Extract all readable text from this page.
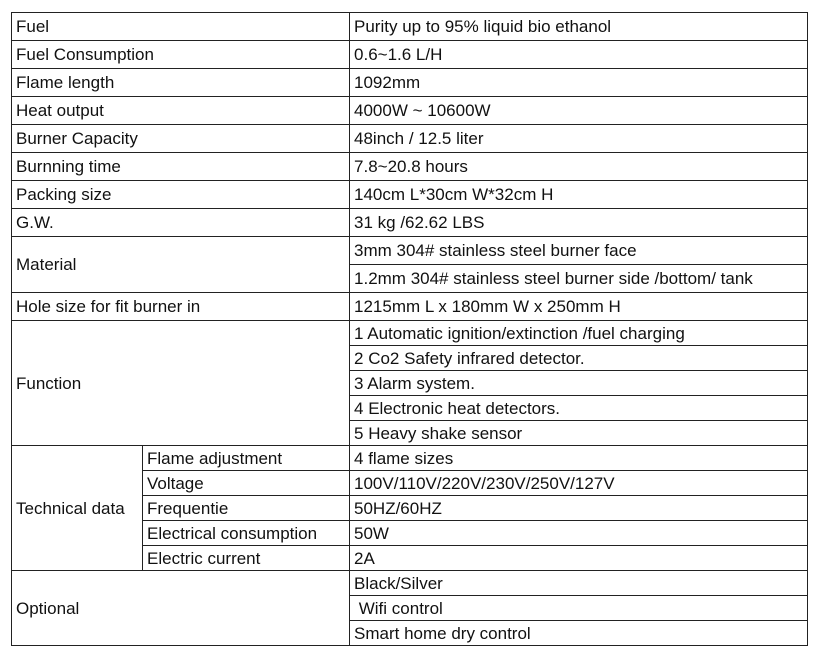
Fuel		Purity up to 95% liquid bio ethanol
Fuel Consumption		0.6~1.6 L/H
Flame length		1092mm
Heat output		4000W ~ 10600W
Burner Capacity		48inch / 12.5 liter
Burnning time		7.8~20.8 hours
Packing size		140cm L*30cm W*32cm H
G.W.		31 kg /62.62 LBS
Material		3mm 304# stainless steel burner face
		1.2mm 304# stainless steel burner side /bottom/ tank
Hole size for fit burner in		1215mm L x 180mm W x 250mm H
Function		1 Automatic ignition/extinction /fuel charging
		2 Co2 Safety infrared detector.
		3 Alarm system.
		4 Electronic heat detectors.
		5 Heavy shake sensor
Technical data	Flame adjustment	4 flame sizes
	Voltage	100V/110V/220V/230V/250V/127V
	Frequentie	50HZ/60HZ
	Electrical consumption	50W
	Electric current	2A
Optional		Black/Silver
		Wifi control
		Smart home dry control
